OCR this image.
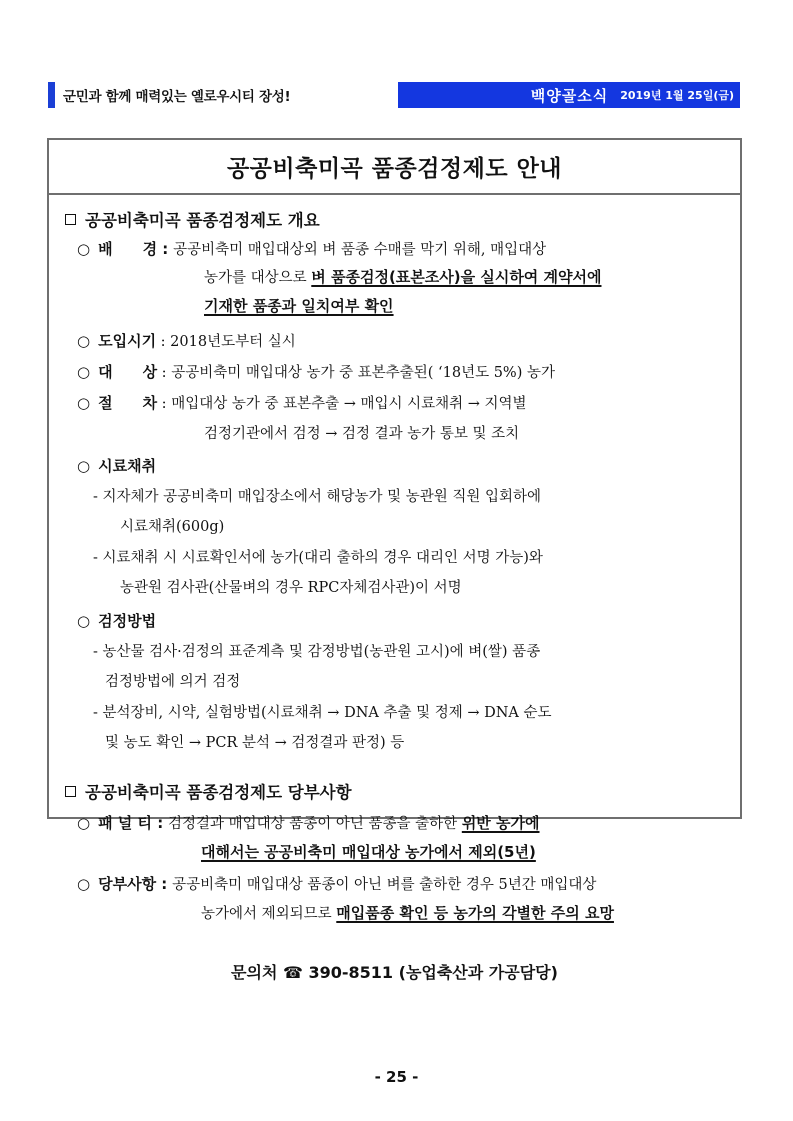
군민과 함께 매력있는 옐로우시티 장성!	백양골소식 2019년 1월 25일(금)
공공비축미곡 품종검정제도 안내
공공비축미곡 품종검정제도 개요
○ 배　　경 : 공공비축미 매입대상외 벼 품종 수매를 막기 위해, 매입대상
농가를 대상으로 벼 품종검정(표본조사)을 실시하여 계약서에
기재한 품종과 일치여부 확인
○ 도입시기 : 2018년도부터 실시
○ 대　　상 : 공공비축미 매입대상 농가 중 표본추출된( ‘18년도 5%) 농가
○ 절　　차 : 매입대상 농가 중 표본추출 → 매입시 시료채취 → 지역별
검정기관에서 검정 → 검정 결과 농가 통보 및 조치
○ 시료채취
- 지자체가 공공비축미 매입장소에서 해당농가 및 농관원 직원 입회하에
시료채취(600g)
- 시료채취 시 시료확인서에 농가(대리 출하의 경우 대리인 서명 가능)와
농관원 검사관(산물벼의 경우 RPC자체검사관)이 서명
○ 검정방법
- 농산물 검사·검정의 표준계측 및 감정방법(농관원 고시)에 벼(쌀) 품종
검정방법에 의거 검정
- 분석장비, 시약, 실험방법(시료채취 → DNA 추출 및 정제 → DNA 순도
및 농도 확인 → PCR 분석 → 검정결과 판정) 등
공공비축미곡 품종검정제도 당부사항
○ 패 널 티 : 검정결과 매입대상 품종이 아닌 품종을 출하한 위반 농가에
대해서는 공공비축미 매입대상 농가에서 제외(5년)
○ 당부사항 : 공공비축미 매입대상 품종이 아닌 벼를 출하한 경우 5년간 매입대상
농가에서 제외되므로 매입품종 확인 등 농가의 각별한 주의 요망
문의처 ☎ 390-8511 (농업축산과 가공담당)
- 25 -
